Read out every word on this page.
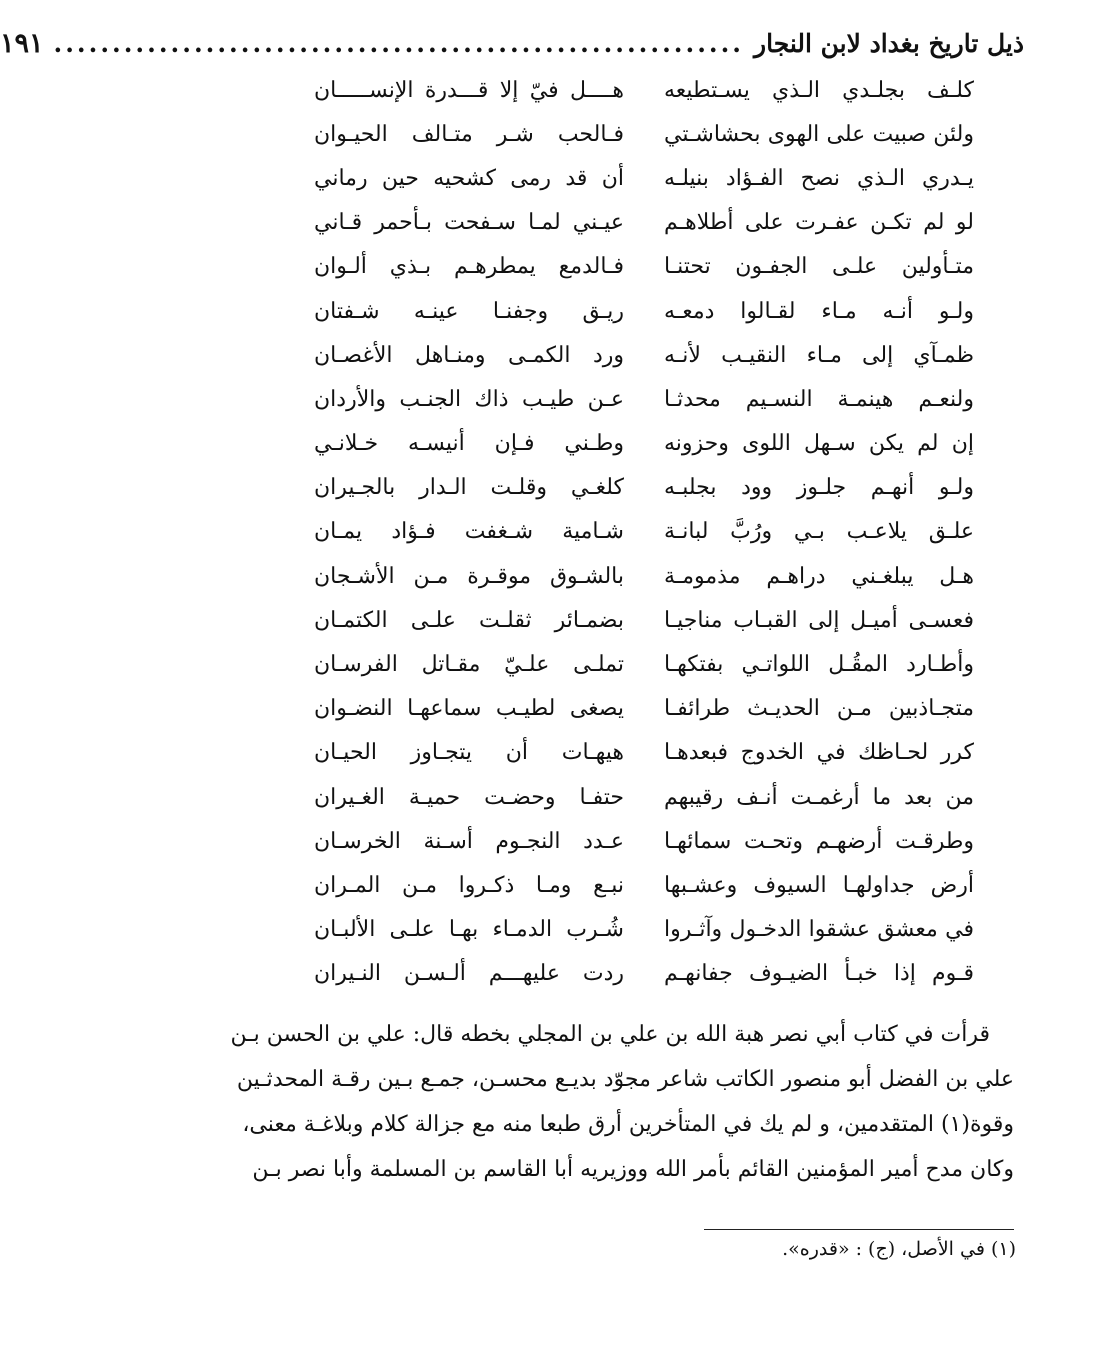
ذيل تاريخ بغداد لابن النجار
...........................................................
١٩١
كلـف بجلـدي الـذي يسـتطيعه
هــــل فيّ إلا قـــدرة الإنســـــان
ولئن صبيت على الهوى بحشاشـتي
فـالحب شـر متـالف الحيـوان
يـدري الـذي نصح الفـؤاد بنيلـه
أن قد رمى كشحيه حين رماني
لو لم تكـن عفـرت على أطلاهـم
عيـني لمـا سـفحت بـأحمر قـاني
متـأولين علـى الجفـون تحتنـا
فـالدمع يمطرهـم بـذي ألـوان
ولـو أنـه مـاء لقـالوا دمعـه
ريـق وجفنـا عينـه شـفتان
ظمـآي إلى مـاء النقيـب لأنـه
ورد الكمـى ومنـاهل الأغصـان
ولنعـم هينمـة النسـيم محدثـا
عـن طيـب ذاك الجنـب والأردان
إن لم يكن سـهل اللوى وحزونه
وطـني فـإن أنيسـه خـلانـي
ولـو أنهـم جلـوز وود بجلبـه
كلغـي وقلـت الـدار بالجـيران
علـق يلاعـب بـي ورُبَّ لبانـة
شـامية شـغفت فـؤاد يمـان
هـل يبلغـني دراهـم مذمومـة
بالشـوق موقـرة مـن الأشـجان
فعسـى أميـل إلى القبـاب مناجيـا
بضمـائر ثقلـت علـى الكتمـان
وأطـارد المقُـل اللواتـي بفتكهـا
تملـى علـيّ مقـاتل الفرسـان
متجـاذبين مـن الحديـث طرائفـا
يصغى لطيـب سماعهـا النضـوان
كرر لحـاظك في الخدوج فبعدهـا
هيهـات أن يتجـاوز الحيـان
من بعد ما أرغمـت أنـف رقيبهم
حتفـا وحضـت حميـة الغـيران
وطرقـت أرضهـم وتحـت سمائهـا
عـدد النجـوم أسـنة الخرسـان
أرض جداولهـا السيوف وعشـبها
نبـع ومـا ذكـروا مـن المـران
في معشق عشقوا الدخـول وآثـروا
شُـرب الدمـاء بهـا علـى الألبـان
قـوم إذا خبـأ الضيـوف جفانهـم
ردت عليهـــم ألـسـن النـيران
قرأت في كتاب أبي نصر هبة الله بن علي بن المجلي بخطه قال: علي بن الحسن بـن
علي بن الفضل أبو منصور الكاتب شاعر مجوّد بديـع محسـن، جمـع بـين رقـة المحدثـين
وقوة(١) المتقدمين، و لم يك في المتأخرين أرق طبعا منه مع جزالة كلام وبلاغـة معنى،
وكان مدح أمير المؤمنين القائم بأمر الله ووزيريه أبا القاسم بن المسلمة وأبا نصر بـن
(١) في الأصل، (ج) : «قدره».
